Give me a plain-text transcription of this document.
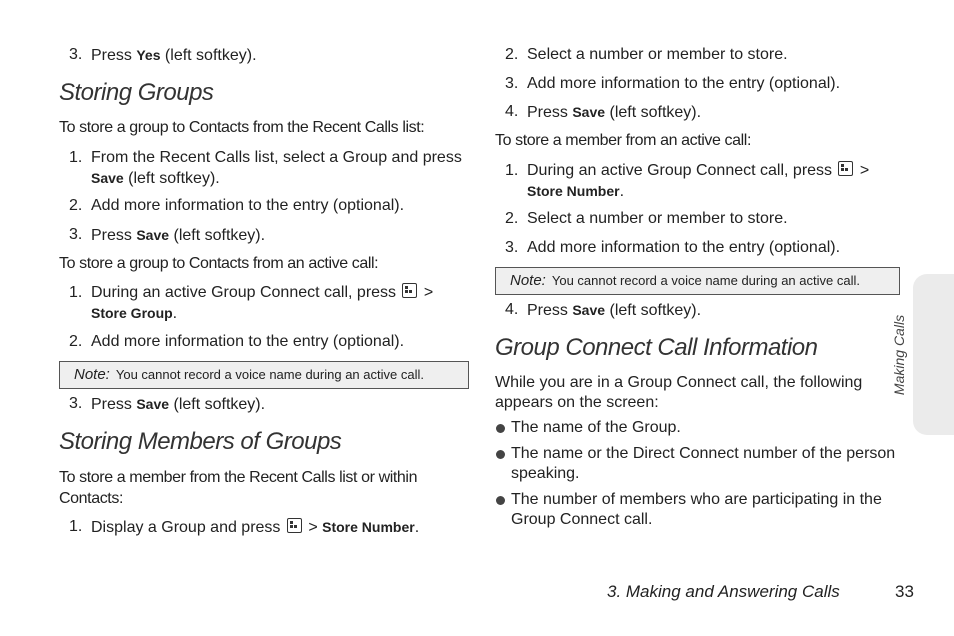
3. Press Yes (left softkey).
Storing Groups
To store a group to Contacts from the Recent Calls list:
1. From the Recent Calls list, select a Group and press Save (left softkey).
2. Add more information to the entry (optional).
3. Press Save (left softkey).
To store a group to Contacts from an active call:
1. During an active Group Connect call, press
> Store Group.
2. Add more information to the entry (optional).
Note: You cannot record a voice name during an active call.
3. Press Save (left softkey).
Storing Members of Groups
To store a member from the Recent Calls list or within Contacts:
1. Display a Group and press
> Store Number.
2. Select a number or member to store.
3. Add more information to the entry (optional).
4. Press Save (left softkey).
To store a member from an active call:
1. During an active Group Connect call, press
> Store Number.
2. Select a number or member to store.
3. Add more information to the entry (optional).
Note: You cannot record a voice name during an active call.
4. Press Save (left softkey).
Group Connect Call Information
While you are in a Group Connect call, the following appears on the screen:
The name of the Group.
The name or the Direct Connect number of the person speaking.
The number of members who are participating in the Group Connect call.
Making Calls
3. Making and Answering Calls	33
